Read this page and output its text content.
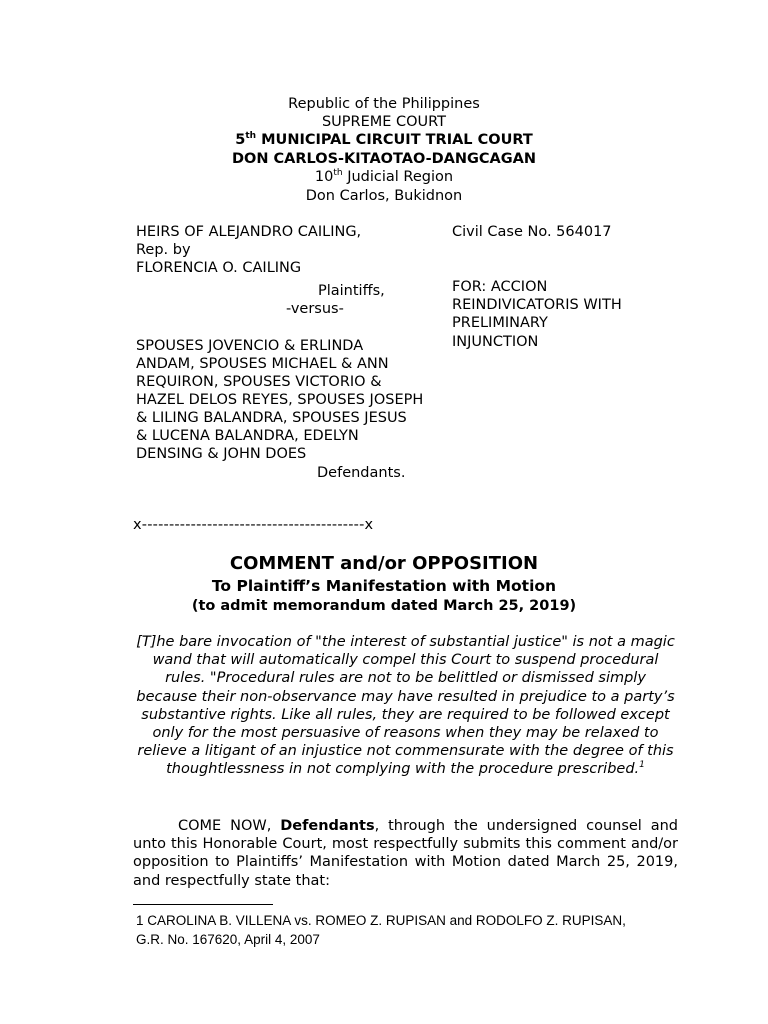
Republic of the Philippines
SUPREME COURT
5th MUNICIPAL CIRCUIT TRIAL COURT
DON CARLOS-KITAOTAO-DANGCAGAN
10th Judicial Region
Don Carlos, Bukidnon
HEIRS OF ALEJANDRO CAILING,
Rep. by
FLORENCIA O. CAILING
Plaintiffs,
-versus-
SPOUSES JOVENCIO & ERLINDA
ANDAM, SPOUSES MICHAEL & ANN
REQUIRON, SPOUSES VICTORIO &
HAZEL DELOS REYES, SPOUSES JOSEPH
& LILING BALANDRA, SPOUSES JESUS
& LUCENA BALANDRA, EDELYN
DENSING & JOHN DOES
Defendants.
Civil Case No. 564017
FOR: ACCION
REINDIVICATORIS WITH
PRELIMINARY
INJUNCTION
x-----------------------------------------x
COMMENT and/or OPPOSITION
To Plaintiff’s Manifestation with Motion
(to admit memorandum dated March 25, 2019)

[T]he bare invocation of "the interest of substantial justice" is not a magic wand that will automatically compel this Court to suspend procedural rules. "Procedural rules are not to be belittled or dismissed simply because their non-observance may have resulted in prejudice to a party’s substantive rights. Like all rules, they are required to be followed except only for the most persuasive of reasons when they may be relaxed to relieve a litigant of an injustice not commensurate with the degree of this thoughtlessness in not complying with the procedure prescribed.$^1$

COME NOW, Defendants, through the undersigned counsel and unto this Honorable Court, most respectfully submits this comment and/or opposition to Plaintiffs’ Manifestation with Motion dated March 25, 2019, and respectfully state that:

1 CAROLINA B. VILLENA vs. ROMEO Z. RUPISAN and RODOLFO Z. RUPISAN, G.R. No. 167620, April 4, 2007
